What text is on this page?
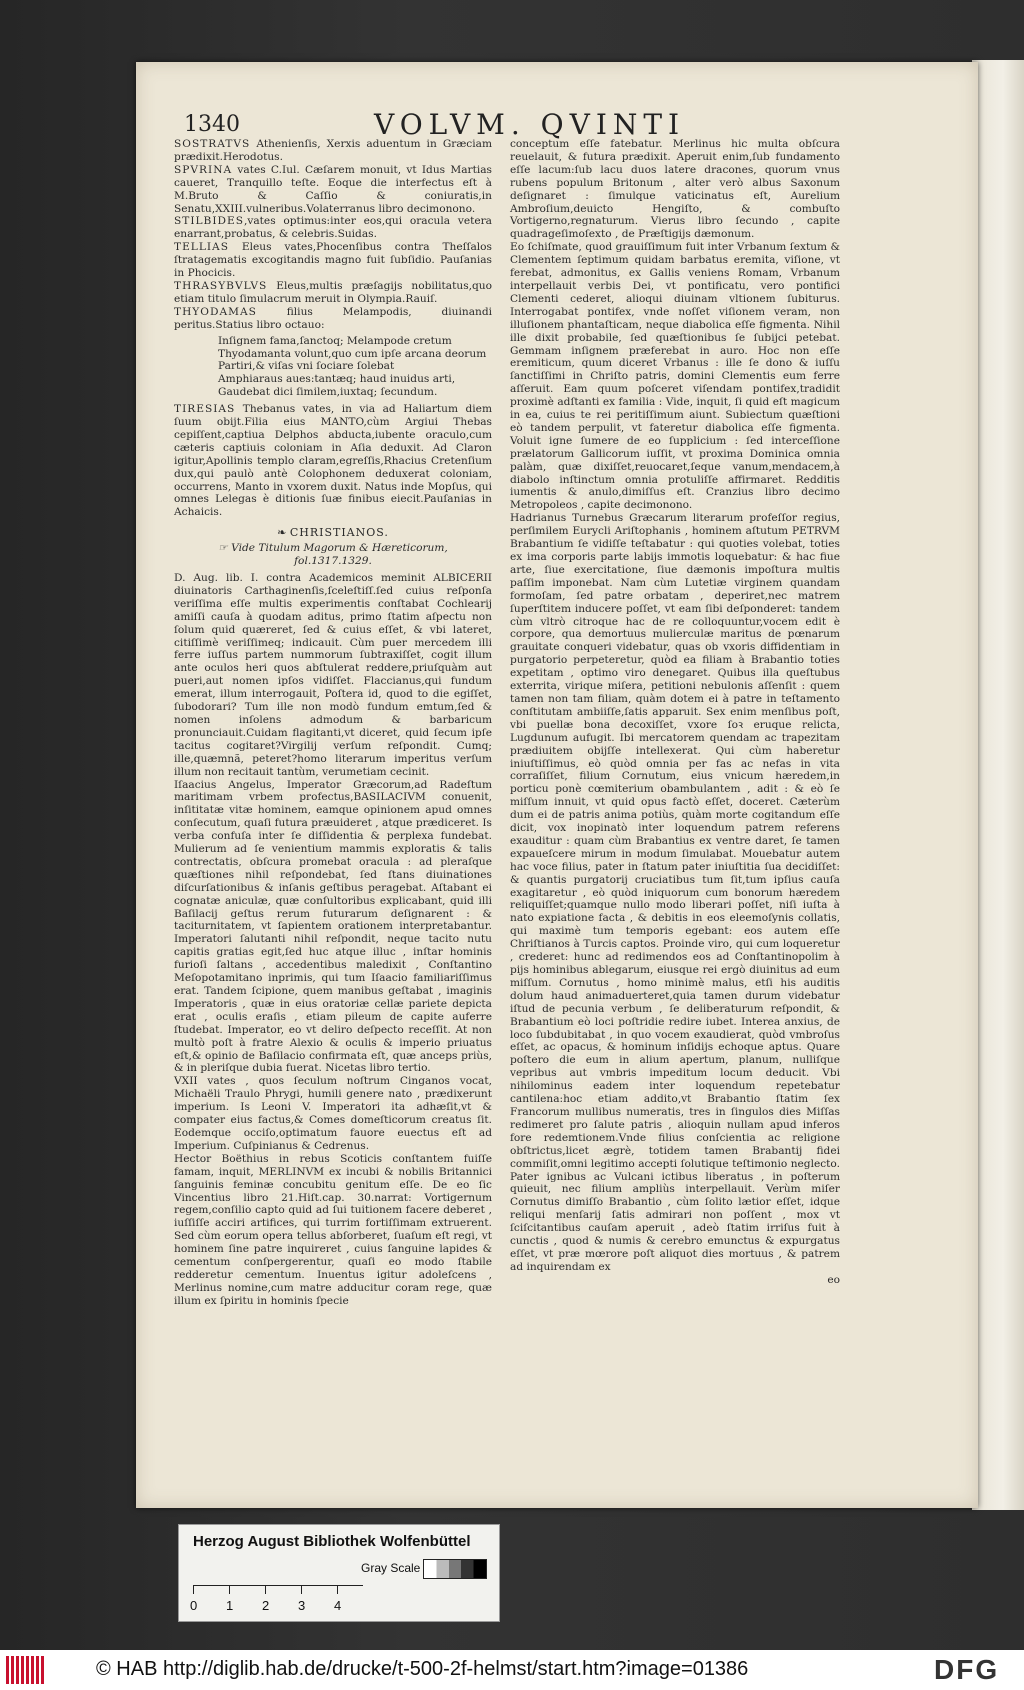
1340	VOLVM. QVINTI

SOSTRATVS Athenienſis, Xerxis aduentum in Græciam prædixit.Herodotus.

SPVRINA vates C.Iul. Cæſarem monuit, vt Idus Martias caueret, Tranquillo teſte. Eoque die interfectus eſt à M.Bruto & Caſſio & coniuratis,in Senatu,XXIII.vulneribus.Volaterranus libro decimonono.

STILBIDES,vates optimus:inter eos,qui oracula vetera enarrant,probatus, & celebris.Suidas.

TELLIAS Eleus vates,Phocenſibus contra Theſſalos ſtratagematis excogitandis magno fuit ſubſidio. Pauſanias in Phocicis.

THRASYBVLVS Eleus,multis præſagijs nobilitatus,quo etiam titulo ſimulacrum meruit in Olympia.Rauiſ.

THYODAMAS filius Melampodis, diuinandi peritus.Statius libro octauo:

Inſignem fama,ſanctoq; Melampode cretum
Thyodamanta volunt,quo cum ipſe arcana deorum
Partiri,& viſas vni ſociare ſolebat
Amphiaraus aues:tantæq; haud inuidus arti,
Gaudebat dici ſimilem,iuxtaq; ſecundum.

TIRESIAS Thebanus vates, in via ad Haliartum diem ſuum obijt.Filia eius MANTO,cùm Argiui Thebas cepiſſent,captiua Delphos abducta,iubente oraculo,cum cæteris captiuis coloniam in Aſia deduxit. Ad Claron igitur,Apollinis templo claram,egreſſis,Rhacius Cretenſium dux,qui paulò antè Colophonem deduxerat coloniam, occurrens, Manto in vxorem duxit. Natus inde Mopſus, qui omnes Lelegas è ditionis ſuæ finibus eiecit.Pauſanias in Achaicis.

❧ CHRISTIANOS.
☞ Vide Titulum Magorum & Hæreticorum,
fol.1317.1329.

D. Aug. lib. I. contra Academicos meminit ALBICERII diuinatoris Carthaginenſis,ſceleſtiſſ.ſed cuius reſponſa veriſſima eſſe multis experimentis conſtabat Cochlearij amiſſi cauſa à quodam aditus, primo ſtatim aſpectu non ſolum quid quæreret, ſed & cuius eſſet, & vbi lateret, citiſſimè veriſſimeq; indicauit. Cùm puer mercedem illi ferre iuſſus partem nummorum ſubtraxiſſet, cogit illum ante oculos heri quos abſtulerat reddere,priuſquàm aut pueri,aut nomen ipſos vidiſſet. Flaccianus,qui fundum emerat, illum interrogauit, Poſtera id, quod to die egiſſet, ſubodorari? Tum ille non modò fundum emtum,ſed & nomen inſolens admodum & barbaricum pronunciauit.Cuidam flagitanti,vt diceret, quid ſecum ipſe tacitus cogitaret?Virgilij verſum reſpondit. Cumq; ille,quæmnã, peteret?homo literarum imperitus verſum illum non recitauit tantùm, verumetiam cecinit.

Iſaacius Angelus, Imperator Græcorum,ad Radeſtum maritimam vrbem profectus,BASILACIVM conuenit, inſititatæ vitæ hominem, eamque opinionem apud omnes conſecutum, quaſi futura præuideret , atque prædiceret. Is verba confuſa inter ſe diſſidentia & perplexa fundebat. Mulierum ad ſe venientium mammis exploratis & talis contrectatis, obſcura promebat oracula : ad pleraſque quæſtiones nihil reſpondebat, ſed ſtans diuinationes diſcurſationibus & inſanis geſtibus peragebat. Aſtabant ei cognatæ aniculæ, quæ conſultoribus explicabant, quid illi Baſilacij geſtus rerum futurarum deſignarent : & taciturnitatem, vt ſapientem orationem interpretabantur. Imperatori ſalutanti nihil reſpondit, neque tacito nutu capitis gratias egit,ſed huc atque illuc , inſtar hominis furioſi ſaltans , accedentibus maledixit , Conſtantino Meſopotamitano inprimis, qui tum Iſaacio familiariſſimus erat. Tandem ſcipione, quem manibus geſtabat , imaginis Imperatoris , quæ in eius oratoriæ cellæ pariete depicta erat , oculis eraſis , etiam pileum de capite auferre ſtudebat. Imperator, eo vt deliro deſpecto receſſit. At non multò poſt à fratre Alexio & oculis & imperio priuatus eſt,& opinio de Baſilacio confirmata eſt, quæ anceps priùs, & in pleriſque dubia fuerat. Nicetas libro tertio.

VXII vates , quos ſeculum noſtrum Cinganos vocat, Michaëli Traulo Phrygi, humili genere nato , prædixerunt imperium. Is Leoni V. Imperatori ita adhæſit,vt & compater eius factus,& Comes domeſticorum creatus ſit. Eodemque occiſo,optimatum fauore euectus eſt ad Imperium. Cuſpinianus & Cedrenus.

Hector Boëthius in rebus Scoticis conſtantem fuiſſe famam, inquit, MERLINVM ex incubi & nobilis Britannici ſanguinis feminæ concubitu genitum eſſe. De eo ſic Vincentius libro 21.Hiſt.cap. 30.narrat: Vortigernum regem,conſilio capto quid ad ſui tuitionem facere deberet , iuſſiſſe acciri artifices, qui turrim fortiſſimam extruerent. Sed cùm eorum opera tellus abſorberet, ſuaſum eſt regi, vt hominem ſine patre inquireret , cuius ſanguine lapides & cementum conſpergerentur, quaſi eo modo ſtabile redderetur cementum. Inuentus igitur adoleſcens , Merlinus nomine,cum matre adducitur coram rege, quæ illum ex ſpiritu in hominis ſpecie

conceptum eſſe fatebatur. Merlinus hic multa obſcura reuelauit, & futura prædixit. Aperuit enim,ſub fundamento eſſe lacum:ſub lacu duos latere dracones, quorum vnus rubens populum Britonum , alter verò albus Saxonum deſignaret : ſimulque vaticinatus eſt, Aurelium Ambroſium,deuicto Hengiſto, & combuſto Vortigerno,regnaturum. Vierus libro ſecundo , capite quadrageſimoſexto , de Præſtigijs dæmonum.

Eo ſchiſmate, quod grauiſſimum fuit inter Vrbanum ſextum & Clementem ſeptimum quidam barbatus eremita, viſione, vt ferebat, admonitus, ex Gallis veniens Romam, Vrbanum interpellauit verbis Dei, vt pontificatu, vero pontifici Clementi cederet, alioqui diuinam vltionem ſubiturus. Interrogabat pontifex, vnde noſſet viſionem veram, non illuſionem phantaſticam, neque diabolica eſſe figmenta. Nihil ille dixit probabile, ſed quæſtionibus ſe ſubijci petebat. Gemmam inſignem præferebat in auro. Hoc non eſſe eremiticum, quum diceret Vrbanus : ille ſe dono & iuſſu ſanctiſſimi in Chriſto patris, domini Clementis eum ferre aſſeruit. Eam quum poſceret viſendam pontifex,tradidit proximè adſtanti ex familia : Vide, inquit, ſi quid eſt magicum in ea, cuius te rei peritiſſimum aiunt. Subiectum quæſtioni eò tandem perpulit, vt fateretur diabolica eſſe figmenta. Voluit igne ſumere de eo ſupplicium : ſed interceſſione prælatorum Gallicorum iuſſit, vt proxima Dominica omnia palàm, quæ dixiſſet,reuocaret,ſeque vanum,mendacem,à diabolo inſtinctum omnia protuliſſe affirmaret. Redditis iumentis & anulo,dimiſſus eſt. Cranzius libro decimo Metropoleos , capite decimonono.

Hadrianus Turnebus Græcarum literarum profeſſor regius, perſimilem Eurycli Ariſtophanis , hominem aſtutum PETRVM Brabantium ſe vidiſſe teſtabatur : qui quoties volebat, toties ex ima corporis parte labijs immotis loquebatur: & hac fiue arte, ſiue exercitatione, ſiue dæmonis impoſtura multis paſſim imponebat. Nam cùm Lutetiæ virginem quandam formoſam, ſed patre orbatam , deperiret,nec matrem ſuperſtitem inducere poſſet, vt eam ſibi deſponderet: tandem cùm vltrò citroque hac de re colloquuntur,vocem edit è corpore, qua demortuus mulierculæ maritus de pœnarum grauitate conqueri videbatur, quas ob vxoris diffidentiam in purgatorio perpeteretur, quòd ea filiam à Brabantio toties expetitam , optimo viro denegaret. Quibus illa queſtubus exterrita, virique miſera, petitioni nebulonis aſſenſit : quem tamen non tam filiam, quàm dotem ei à patre in teſtamento conſtitutam ambiiſſe,ſatis apparuit. Sex enim menſibus poſt, vbi puellæ bona decoxiſſet, vxore ſoꝛ eruque relicta, Lugdunum aufugit. Ibi mercatorem quendam ac trapezitam prædiuitem obijſſe intellexerat. Qui cùm haberetur iniuſtiſſimus, eò quòd omnia per fas ac nefas in vita corraſiſſet, filium Cornutum, eius vnicum hæredem,in porticu ponè cœmiterium obambulantem , adit : & eò ſe miſſum innuit, vt quid opus factò eſſet, doceret. Cæterùm dum ei de patris anima potiùs, quàm morte cogitandum eſſe dicit, vox inopinatò inter loquendum patrem referens exauditur : quam cùm Brabantius ex ventre daret, ſe tamen expaueſcere mirum in modum ſimulabat. Mouebatur autem hac voce filius, pater in ſtatum pater iniuſtitia ſua decidiſſet: & quantis purgatorij cruciatibus tum ſit,tum ipſius cauſa exagitaretur , eò quòd iniquorum cum bonorum hæredem reliquiſſet;quamque nullo modo liberari poſſet, niſi iuſta à nato expiatione facta , & debitis in eos eleemoſynis collatis, qui maximè tum temporis egebant: eos autem eſſe Chriſtianos à Turcis captos. Proinde viro, qui cum loqueretur , crederet: hunc ad redimendos eos ad Conſtantinopolim à pijs hominibus ablegarum, eiusque rei ergò diuinitus ad eum miſſum. Cornutus , homo minimè malus, etſi his auditis dolum haud animaduerteret,quia tamen durum videbatur iſtud de pecunia verbum , ſe deliberaturum reſpondit, & Brabantium eò loci poſtridie redire iubet. Interea anxius, de loco ſubdubitabat , in quo vocem exaudierat, quòd vmbroſus eſſet, ac opacus, & hominum inſidijs echoque aptus. Quare poſtero die eum in alium apertum, planum, nulliſque vepribus aut vmbris impeditum locum deducit. Vbi nihilominus eadem inter loquendum repetebatur cantilena:hoc etiam addito,vt Brabantio ſtatim ſex Francorum mullibus numeratis, tres in ſingulos dies Miſſas redimeret pro ſalute patris , alioquin nullam apud inferos fore redemtionem.Vnde filius conſcientia ac religione obſtrictus,licet ægrè, totidem tamen Brabantij fidei commiſit,omni legitimo accepti ſolutique teſtimonio neglecto. Pater ignibus ac Vulcani ictibus liberatus , in poſterum quieuit, nec filium ampliùs interpellauit. Verùm miſer Cornutus dimiſſo Brabantio , cùm ſolito lætior eſſet, idque reliqui menſarij ſatis admirari non poſſent , mox vt ſciſcitantibus cauſam aperuit , adeò ſtatim irriſus fuit à cunctis , quod & numis & cerebro emunctus & expurgatus eſſet, vt præ mœrore poſt aliquot dies mortuus , & patrem ad inquirendam ex

eo
Herzog August Bibliothek Wolfenbüttel
Gray Scale
0 1 2 3 4
© HAB http://diglib.hab.de/drucke/t-500-2f-helmst/start.htm?image=01386	DFG
